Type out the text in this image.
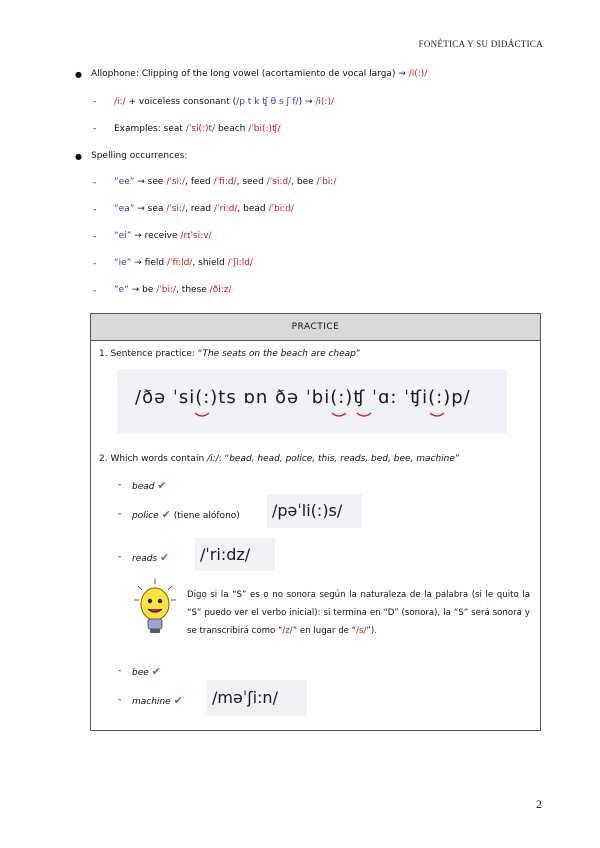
FONÉTICA Y SU DIDÁCTICA
● Allophone: Clipping of the long vowel (acortamiento de vocal larga) → /i(:)/
- /i:/ + voiceless consonant (/p t k ʧ θ s ʃ f/) → /i(:)/
- Examples: seat /ˈsi(:)t/ beach /ˈbi(:)ʧ/
● Spelling occurrences:
- “ee” → see /ˈsi:/, feed /ˈfi:d/, seed /ˈsi:d/, bee /ˈbi:/
- “ea” → sea /ˈsi:/, read /ˈri:d/, bead /ˈbi:d/
- “ei” → receive /rɪˈsi:v/
- “ie” → field /ˈfi:ld/, shield /ˈʃi:ld/
- “e” → be /ˈbi:/, these /ði:z/
PRACTICE
1. Sentence practice: “The seats on the beach are cheap”
/ðə ˈsi(:)ts ɒn ðə ˈbi(:)ʧ ˈɑ: ˈʧi(:)p/
2. Which words contain /i:/: “bead, head, police, this, reads, bed, bee, machine”
- bead ✔
- police ✔ (tiene alófono) /pəˈli(:)s/
- reads ✔ /ˈri:dz/
Digo si la “S” es o no sonora según la naturaleza de la palabra (si le quito la “S” puedo ver el verbo inicial): si termina en “D” (sonora), la “S” será sonora y se transcribirá como “/z/” en lugar de “/s/”).
- bee ✔
- machine ✔ /məˈʃi:n/
2
